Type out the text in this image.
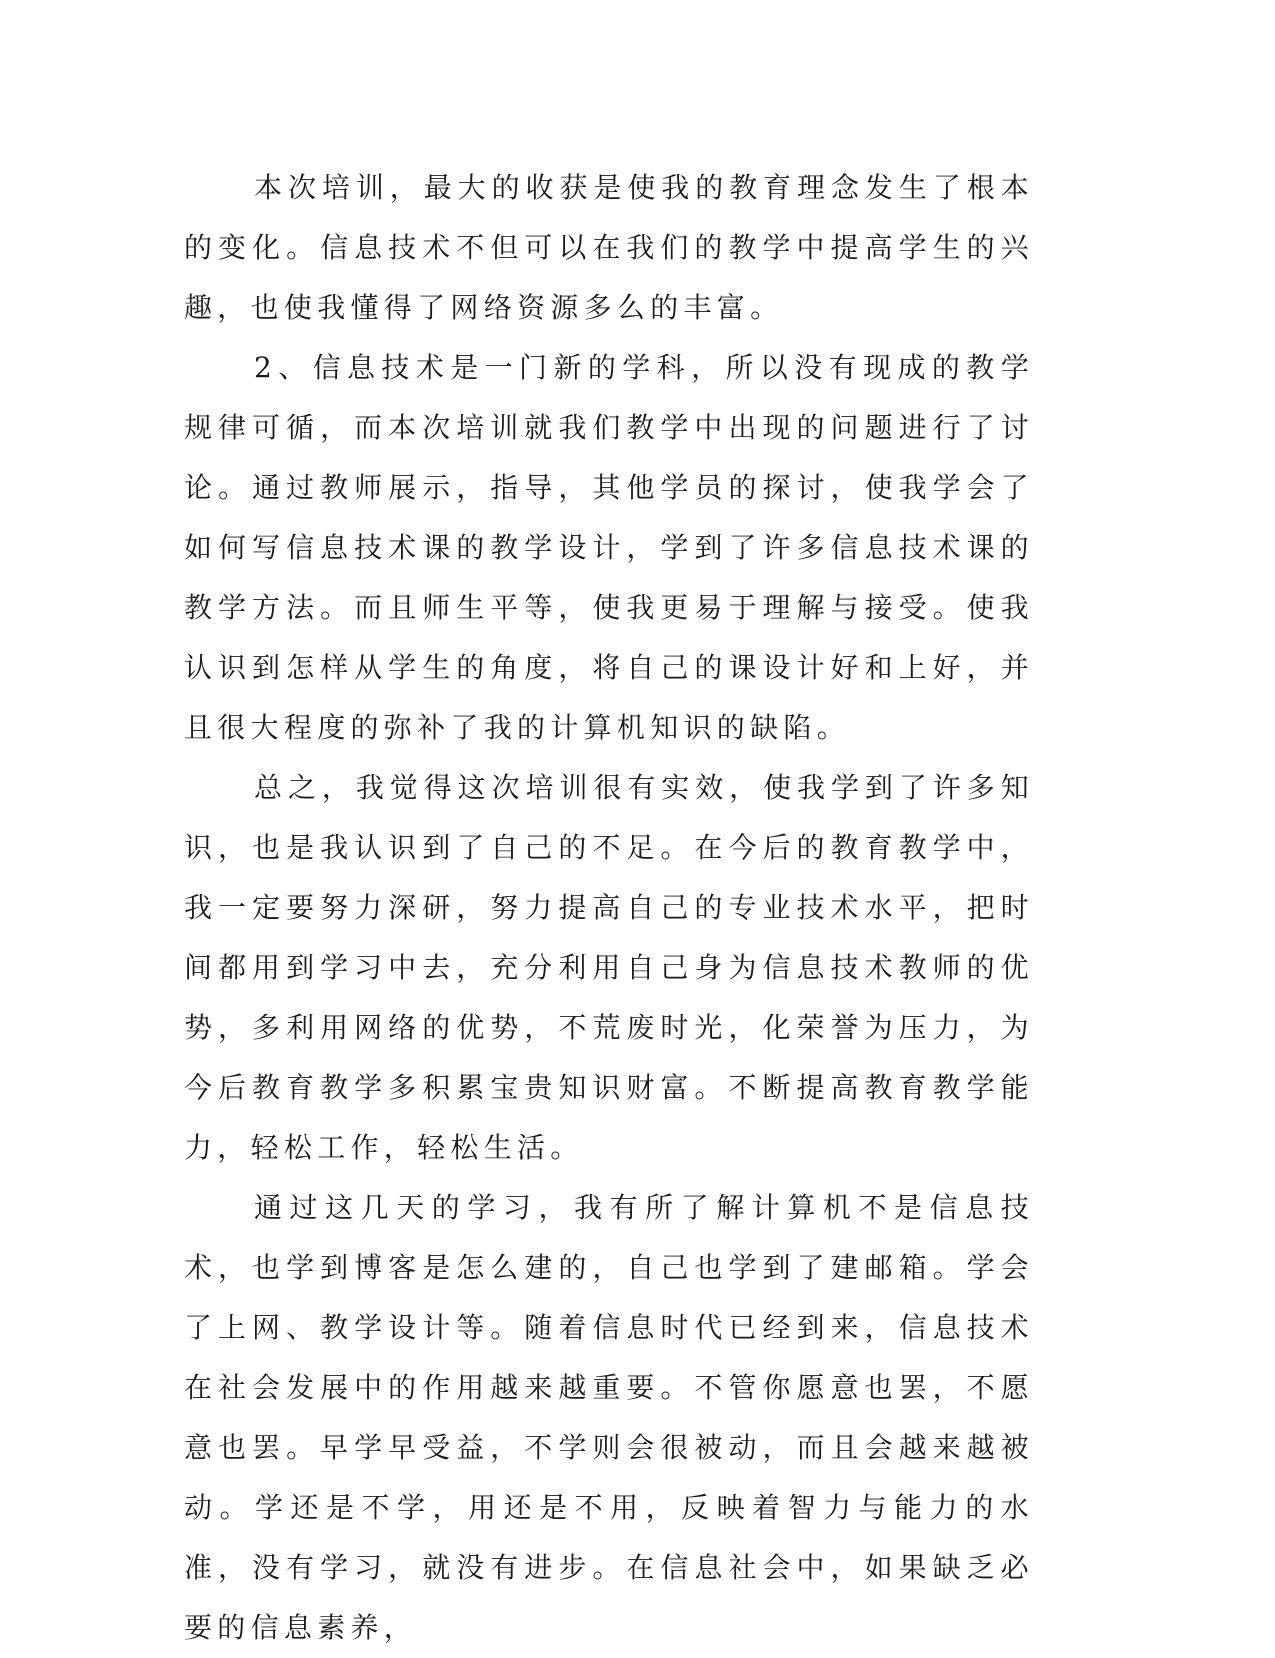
本次培训，最大的收获是使我的教育理念发生了根本的变化。信息技术不但可以在我们的教学中提高学生的兴趣，也使我懂得了网络资源多么的丰富。

2、信息技术是一门新的学科，所以没有现成的教学规律可循，而本次培训就我们教学中出现的问题进行了讨论。通过教师展示，指导，其他学员的探讨，使我学会了如何写信息技术课的教学设计，学到了许多信息技术课的教学方法。而且师生平等，使我更易于理解与接受。使我认识到怎样从学生的角度，将自己的课设计好和上好，并且很大程度的弥补了我的计算机知识的缺陷。

总之，我觉得这次培训很有实效，使我学到了许多知识，也是我认识到了自己的不足。在今后的教育教学中，我一定要努力深研，努力提高自己的专业技术水平，把时间都用到学习中去，充分利用自己身为信息技术教师的优势，多利用网络的优势，不荒废时光，化荣誉为压力，为今后教育教学多积累宝贵知识财富。不断提高教育教学能力，轻松工作，轻松生活。

通过这几天的学习，我有所了解计算机不是信息技术，也学到博客是怎么建的，自己也学到了建邮箱。学会了上网、教学设计等。随着信息时代已经到来，信息技术在社会发展中的作用越来越重要。不管你愿意也罢，不愿意也罢。早学早受益，不学则会很被动，而且会越来越被动。学还是不学，用还是不用，反映着智力与能力的水准，没有学习，就没有进步。在信息社会中，如果缺乏必要的信息素养，
